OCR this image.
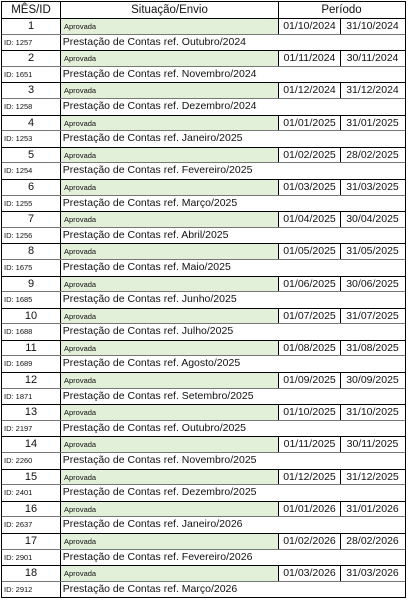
MÊS/ID	Situação/Envio	Período
1	Aprovada	01/10/2024 31/10/2024
ID: 1257	Prestação de Contas ref. Outubro/2024
2	Aprovada	01/11/2024	30/11/2024
ID: 1651	Prestação de Contas ref. Novembro/2024
3	Aprovada	01/12/2024 31/12/2024
ID: 1258	Prestação de Contas ref. Dezembro/2024
4	Aprovada	01/01/2025 31/01/2025
ID: 1253	Prestação de Contas ref. Janeiro/2025
5	Aprovada	01/02/2025 28/02/2025
ID: 1254	Prestação de Contas ref. Fevereiro/2025
6	Aprovada	01/03/2025 31/03/2025
ID: 1255	Prestação de Contas ref. Março/2025
7	Aprovada	01/04/2025 30/04/2025
ID: 1256	Prestação de Contas ref. Abril/2025
8	Aprovada	01/05/2025 31/05/2025
ID: 1675	Prestação de Contas ref. Maio/2025
9	Aprovada	01/06/2025 30/06/2025
ID: 1685	Prestação de Contas ref. Junho/2025
10	Aprovada	01/07/2025 31/07/2025
ID: 1688	Prestação de Contas ref. Julho/2025
11	Aprovada	01/08/2025 31/08/2025
ID: 1689	Prestação de Contas ref. Agosto/2025
12	Aprovada	01/09/2025 30/09/2025
ID: 1871	Prestação de Contas ref. Setembro/2025
13	Aprovada	01/10/2025 31/10/2025
ID: 2197	Prestação de Contas ref. Outubro/2025
14	Aprovada	01/11/2025	30/11/2025
ID: 2260	Prestação de Contas ref. Novembro/2025
15	Aprovada	01/12/2025 31/12/2025
ID: 2401	Prestação de Contas ref. Dezembro/2025
16	Aprovada	01/01/2026 31/01/2026
ID: 2637	Prestação de Contas ref. Janeiro/2026
17	Aprovada	01/02/2026 28/02/2026
ID: 2901	Prestação de Contas ref. Fevereiro/2026
18	Aprovada	01/03/2026 31/03/2026
ID: 2912	Prestação de Contas ref. Março/2026
